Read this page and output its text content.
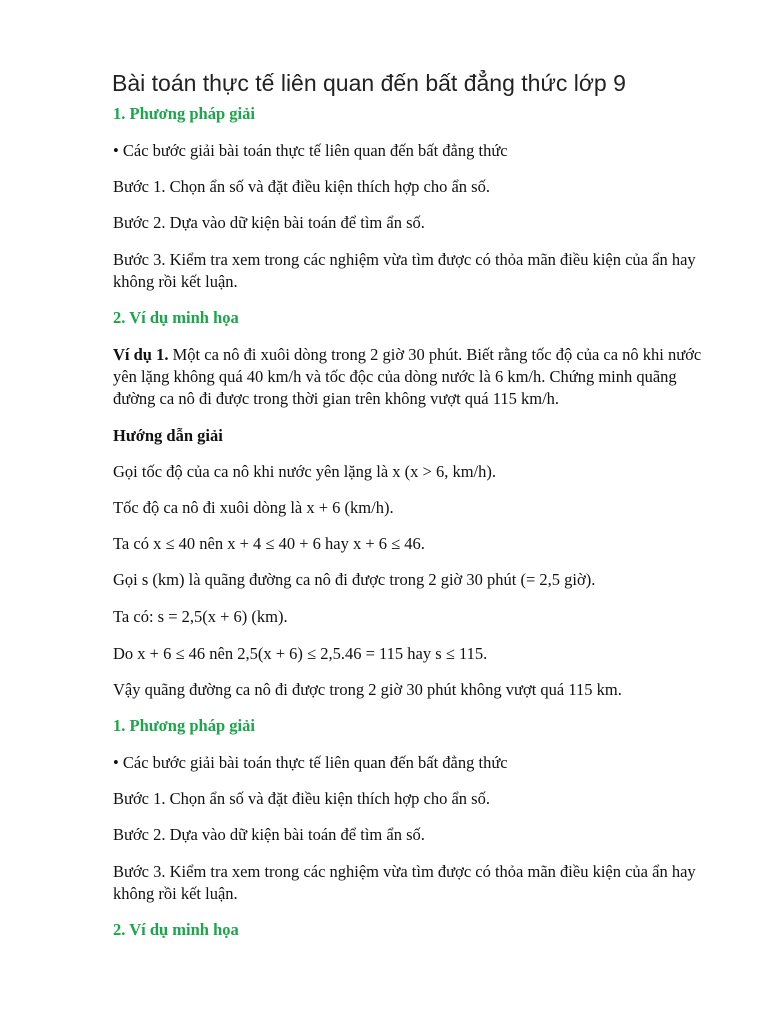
Bài toán thực tế liên quan đến bất đẳng thức lớp 9
1. Phương pháp giải
• Các bước giải bài toán thực tế liên quan đến bất đẳng thức
Bước 1. Chọn ẩn số và đặt điều kiện thích hợp cho ẩn số.
Bước 2. Dựa vào dữ kiện bài toán để tìm ẩn số.
Bước 3. Kiểm tra xem trong các nghiệm vừa tìm được có thỏa mãn điều kiện của ẩn hay không rồi kết luận.
2. Ví dụ minh họa
Ví dụ 1. Một ca nô đi xuôi dòng trong 2 giờ 30 phút. Biết rằng tốc độ của ca nô khi nước yên lặng không quá 40 km/h và tốc độc của dòng nước là 6 km/h. Chứng minh quãng đường ca nô đi được trong thời gian trên không vượt quá 115 km/h.
Hướng dẫn giải
Gọi tốc độ của ca nô khi nước yên lặng là x (x > 6, km/h).
Tốc độ ca nô đi xuôi dòng là x + 6 (km/h).
Ta có x ≤ 40 nên x + 4 ≤ 40 + 6 hay x + 6 ≤ 46.
Gọi s (km) là quãng đường ca nô đi được trong 2 giờ 30 phút (= 2,5 giờ).
Ta có: s = 2,5(x + 6) (km).
Do x + 6 ≤ 46 nên 2,5(x + 6) ≤ 2,5.46 = 115 hay s ≤ 115.
Vậy quãng đường ca nô đi được trong 2 giờ 30 phút không vượt quá 115 km.
1. Phương pháp giải
• Các bước giải bài toán thực tế liên quan đến bất đẳng thức
Bước 1. Chọn ẩn số và đặt điều kiện thích hợp cho ẩn số.
Bước 2. Dựa vào dữ kiện bài toán để tìm ẩn số.
Bước 3. Kiểm tra xem trong các nghiệm vừa tìm được có thỏa mãn điều kiện của ẩn hay không rồi kết luận.
2. Ví dụ minh họa
